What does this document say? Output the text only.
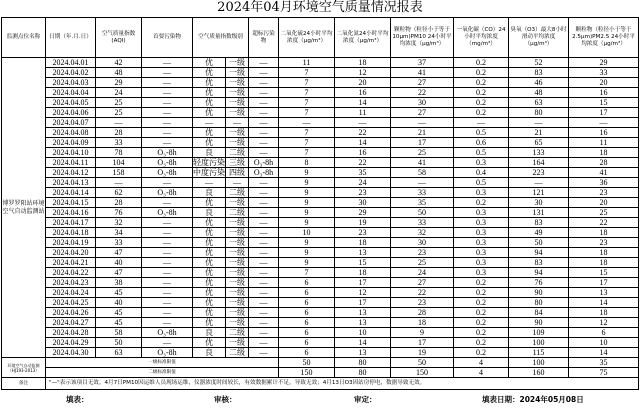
2024年04月环境空气质量情况报表
监测点位名称	日期（年.月.日）	空气质量指数(AQI)	首要污染物	空气质量指数级别		超标污染物	二氧化硫24小时平均浓度（μg/m³）	二氧化氮24小时平均浓度（μg/m³）	颗粒物（粒径小于等于10μm)PM10 24小时平均浓度（μg/m³）	一氧化碳（CO）24小时平均浓度（mg/m³）	臭氧（O3）最大8小时滑动平均浓度（μg/m³）	颗粒物（粒径小于等于2.5μm)PM2.5 24小时平均浓度（μg/m³）
博罗罗阳站环境空气自动监测站	2024.04.01	42	—	优	一级	—	11	18	37	0.2	52	29
	2024.04.02	48	—	优	一级	—	7	12	41	0.2	83	33
	2024.04.03	29	—	优	一级	—	7	20	27	0.2	46	20
	2024.04.04	24	—	优	一级	—	7	16	22	0.2	48	16
	2024.04.05	25	—	优	一级	—	7	14	30	0.2	63	15
	2024.04.06	25	—	优	一级	—	7	11	27	0.2	80	17
	2024.04.07	—	—	—	—	—	—	—	—	—	—	—
	2024.04.08	28	—	优	一级	—	7	22	21	0.5	21	16
	2024.04.09	33	—	优	一级	—	7	14	17	0.6	65	11
	2024.04.10	78	O₃-8h	良	二级	—	7	16	25	0.5	133	18
	2024.04.11	104	O₃-8h	轻度污染	三级	O₃-8h	8	22	41	0.3	164	28
	2024.04.12	158	O₃-8h	中度污染	四级	O₃-8h	9	35	58	0.4	223	41
	2024.04.13	—	—	—	—	—	9	24	—	0.5	—	36
	2024.04.14	62	O₃-8h	良	二级	—	9	23	33	0.3	121	23
	2024.04.15	28	—	优	一级	—	9	30	35	0.2	30	20
	2024.04.16	76	O₃-8h	良	二级	—	9	29	50	0.3	131	25
	2024.04.17	32	—	优	一级	—	9	19	33	0.3	83	22
	2024.04.18	34	—	优	一级	—	10	23	32	0.3	49	18
	2024.04.19	33	—	优	一级	—	9	18	30	0.3	50	23
	2024.04.20	47	—	优	一级	—	9	13	23	0.3	94	18
	2024.04.21	40	—	优	一级	—	9	15	25	0.3	83	18
	2024.04.22	47	—	优	一级	—	7	18	24	0.3	94	15
	2024.04.23	38	—	优	一级	—	6	17	27	0.2	76	17
	2024.04.24	45	—	优	一级	—	6	12	22	0.2	90	13
	2024.04.25	40	—	优	一级	—	6	17	23	0.2	80	14
	2024.04.26	45	—	优	一级	—	6	13	28	0.2	84	18
	2024.04.27	45	—	优	一级	—	6	13	18	0.2	90	12
	2024.04.28	58	O₃-8h	良	二级	—	6	10	9	0.2	109	6
	2024.04.29	50	—	优	一级	—	6	14	17	0.2	100	10
	2024.04.30	63	O₃-8h	良	二级	—	6	13	19	0.2	115	14
环境空气自动监测（HJ193-2013）	一级标准限值						50	80	50	4	100	35
	二级标准限值						150	80	150	4	160	75
备注	"—"表示该项目无效。4月7日PM10因运维人员现场运维，仪器浓度时间较长，有效数据累计不足，导致无效；4月13日O3因站房停电，数据导致无效。											
填表：	审核：	审定：	填表日期：2024年05月08日
